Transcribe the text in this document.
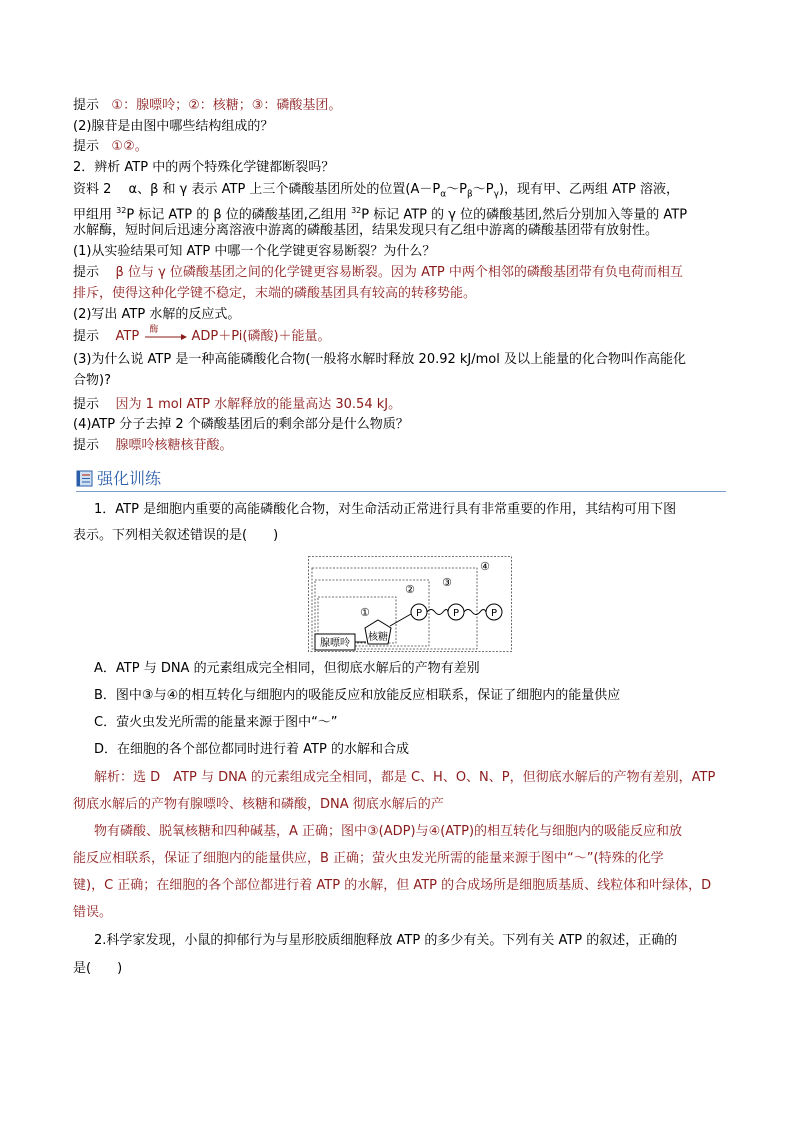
提示 ①：腺嘌呤；②：核糖；③：磷酸基团。
(2)腺苷是由图中哪些结构组成的？
提示 ①②。
2．辨析 ATP 中的两个特殊化学键都断裂吗？
资料 2　 α、β 和 γ 表示 ATP 上三个磷酸基团所处的位置$(A-P_\alpha\sim P_\beta\sim P_\gamma)$，现有甲、乙两组 ATP 溶液，
甲组用 $^{32}$P 标记 ATP 的 β 位的磷酸基团,乙组用 $^{32}$P 标记 ATP 的 γ 位的磷酸基团,然后分别加入等量的 ATP
水解酶，短时间后迅速分离溶液中游离的磷酸基团，结果发现只有乙组中游离的磷酸基团带有放射性。
(1)从实验结果可知 ATP 中哪一个化学键更容易断裂？为什么？
提示 β 位与 γ 位磷酸基团之间的化学键更容易断裂。因为 ATP 中两个相邻的磷酸基团带有负电荷而相互
排斥，使得这种化学键不稳定，末端的磷酸基团具有较高的转移势能。
(2)写出 ATP 水解的反应式。
提示 ATP 酶	ADP＋Pi(磷酸)＋能量。
(3)为什么说 ATP 是一种高能磷酸化合物(一般将水解时释放 20.92 kJ/mol 及以上能量的化合物叫作高能化
合物)?
提示 因为 1 mol ATP 水解释放的能量高达 30.54 kJ。
(4)ATP 分子去掉 2 个磷酸基团后的剩余部分是什么物质？
提示 腺嘌呤核糖核苷酸。
强化训练
1．ATP 是细胞内重要的高能磷酸化合物，对生命活动正常进行具有非常重要的作用，其结构可用下图
表示。下列相关叙述错误的是(　　)
①
②
③
④
腺嘌呤
核糖
P	P	P
A．ATP 与 DNA 的元素组成完全相同，但彻底水解后的产物有差别
B．图中③与④的相互转化与细胞内的吸能反应和放能反应相联系，保证了细胞内的能量供应
C．萤火虫发光所需的能量来源于图中“～”
D．在细胞的各个部位都同时进行着 ATP 的水解和合成
解析：选 D　ATP 与 DNA 的元素组成完全相同，都是 C、H、O、N、P，但彻底水解后的产物有差别，ATP
彻底水解后的产物有腺嘌呤、核糖和磷酸，DNA 彻底水解后的产
物有磷酸、脱氧核糖和四种碱基，A 正确；图中③(ADP)与④(ATP)的相互转化与细胞内的吸能反应和放
能反应相联系，保证了细胞内的能量供应，B 正确；萤火虫发光所需的能量来源于图中“～”(特殊的化学
键)，C 正确；在细胞的各个部位都进行着 ATP 的水解，但 ATP 的合成场所是细胞质基质、线粒体和叶绿体，D
错误。
2.科学家发现，小鼠的抑郁行为与星形胶质细胞释放 ATP 的多少有关。下列有关 ATP 的叙述，正确的
是(　　)
